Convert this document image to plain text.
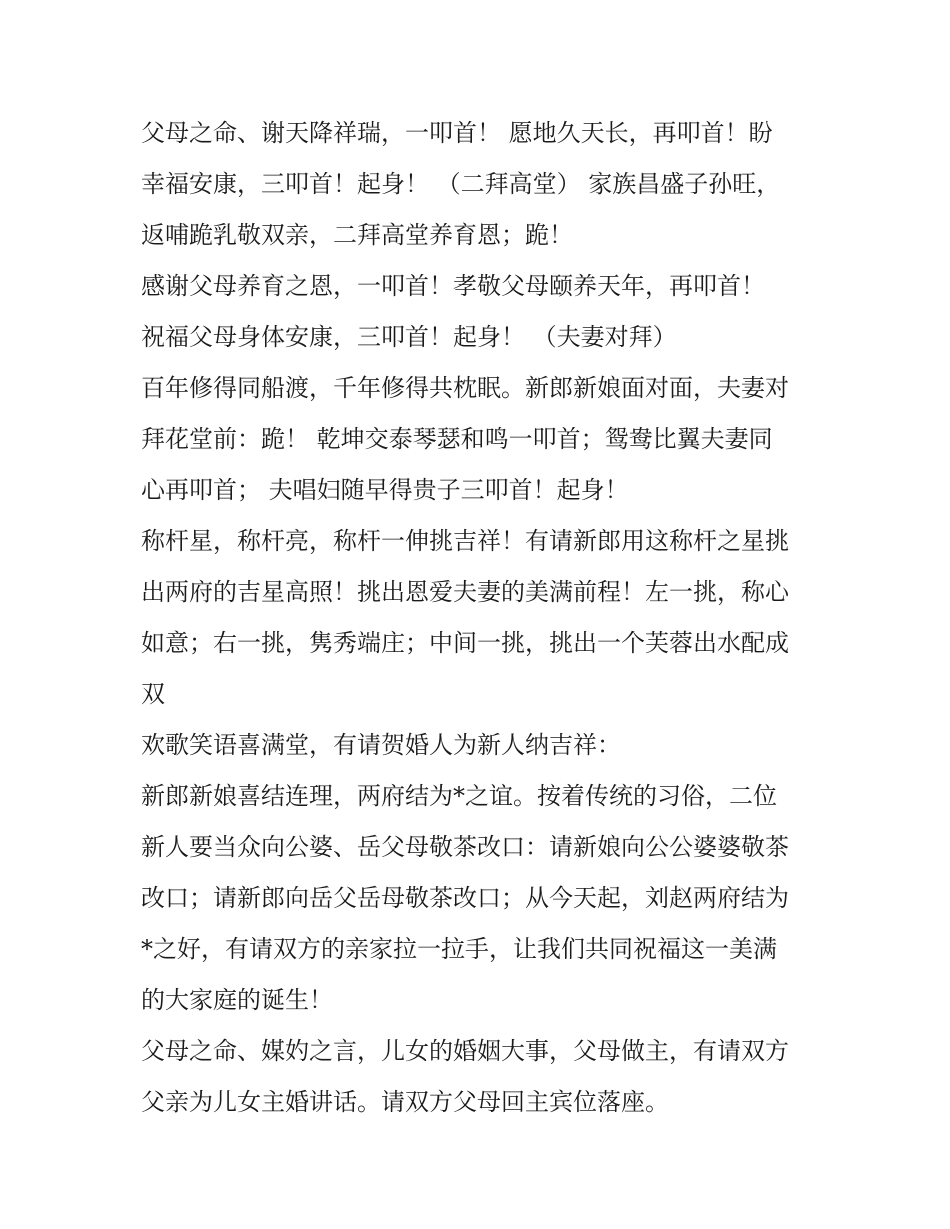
父母之命、谢天降祥瑞，一叩首！ 愿地久天长，再叩首！盼
幸福安康，三叩首！起身！ （二拜高堂） 家族昌盛子孙旺，
返哺跪乳敬双亲，二拜高堂养育恩；跪！
感谢父母养育之恩，一叩首！孝敬父母颐养天年，再叩首！
祝福父母身体安康，三叩首！起身！ （夫妻对拜）
百年修得同船渡，千年修得共枕眠。新郎新娘面对面，夫妻对
拜花堂前：跪！ 乾坤交泰琴瑟和鸣一叩首；鸳鸯比翼夫妻同
心再叩首； 夫唱妇随早得贵子三叩首！起身！
称杆星，称杆亮，称杆一伸挑吉祥！有请新郎用这称杆之星挑
出两府的吉星高照！挑出恩爱夫妻的美满前程！左一挑，称心
如意；右一挑，隽秀端庄；中间一挑，挑出一个芙蓉出水配成
双
欢歌笑语喜满堂，有请贺婚人为新人纳吉祥：
新郎新娘喜结连理，两府结为*之谊。按着传统的习俗，二位
新人要当众向公婆、岳父母敬茶改口：请新娘向公公婆婆敬茶
改口；请新郎向岳父岳母敬茶改口；从今天起，刘赵两府结为
*之好，有请双方的亲家拉一拉手，让我们共同祝福这一美满
的大家庭的诞生！
父母之命、媒妁之言，儿女的婚姻大事，父母做主，有请双方
父亲为儿女主婚讲话。请双方父母回主宾位落座。
